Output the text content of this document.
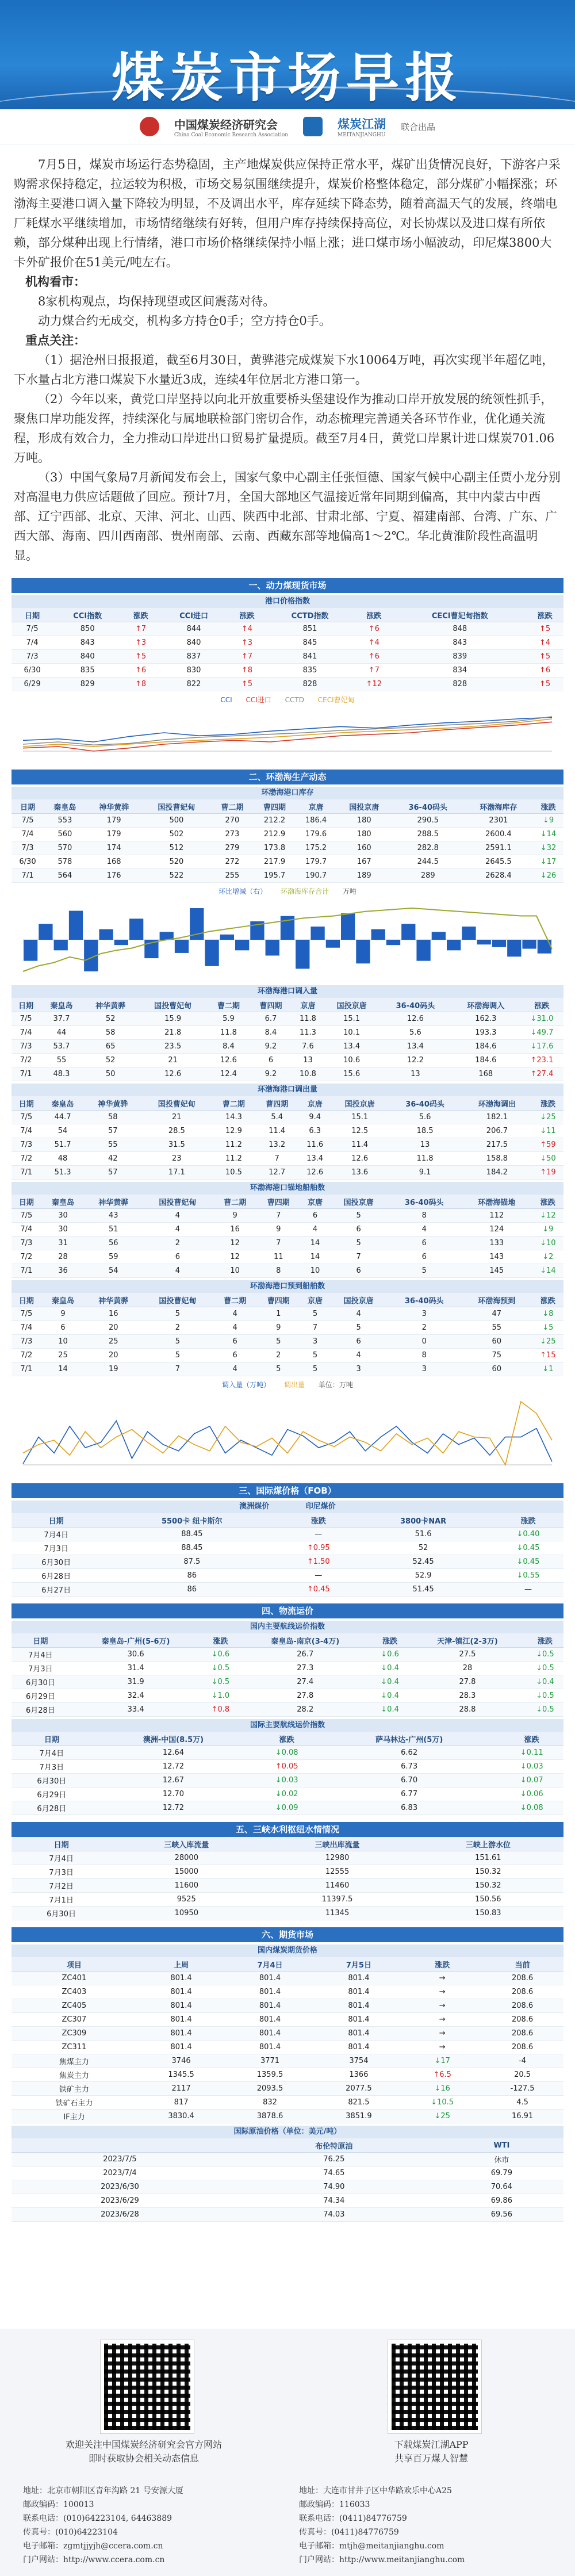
煤炭市场早报
中国煤炭经济研究会
China Coal Economic Research Association
煤炭江湖
MEITANJIANGHU
联合出品

7月5日，煤炭市场运行态势稳固，主产地煤炭供应保持正常水平，煤矿出货情况良好，下游客户采购需求保持稳定，拉运较为积极，市场交易氛围继续提升，煤炭价格整体稳定，部分煤矿小幅探涨；环渤海主要港口调入量下降较为明显，不及调出水平，库存延续下降态势，随着高温天气的发展，终端电厂耗煤水平继续增加，市场情绪继续有好转，但用户库存持续保持高位，对长协煤以及进口煤有所依赖，部分煤种出现上行情绪，港口市场价格继续保持小幅上涨；进口煤市场小幅波动，印尼煤3800大卡外矿报价在51美元/吨左右。

机构看市：

8家机构观点，均保持现望或区间震荡对待。

动力煤合约无成交，机构多方持仓0手；空方持仓0手。

重点关注：

（1）据沧州日报报道，截至6月30日，黄骅港完成煤炭下水10064万吨，再次实现半年超亿吨，下水量占北方港口煤炭下水量近3成，连续4年位居北方港口第一。

（2）今年以来，黄党口岸坚持以向北开放重要桥头堡建设作为推动口岸开放发展的统领性抓手，聚焦口岸功能发挥，持续深化与属地联检部门密切合作，动态梳理完善通关各环节作业，优化通关流程，形成有效合力，全力推动口岸进出口贸易扩量提质。截至7月4日，黄党口岸累计进口煤炭701.06万吨。

（3）中国气象局7月新闻发布会上，国家气象中心副主任张恒德、国家气候中心副主任贾小龙分别对高温电力供应话题做了回应。预计7月，全国大部地区气温接近常年同期到偏高，其中内蒙古中西部、辽宁西部、北京、天津、河北、山西、陕西中北部、甘肃北部、宁夏、福建南部、台湾、广东、广西大部、海南、四川西南部、贵州南部、云南、西藏东部等地偏高1～2℃。华北黄淮阶段性高温明显。

一、动力煤现货市场
港口价格指数
日期	CCI指数	涨跌	CCI进口	涨跌	CCTD指数	涨跌	CECI曹妃甸指数	涨跌
7/5	850	↑7	844	↑4	851	↑6	848	↑5
7/4	843	↑3	840	↑3	845	↑4	843	↑4
7/3	840	↑5	837	↑7	841	↑6	839	↑5
6/30	835	↑6	830	↑8	835	↑7	834	↑6
6/29	829	↑8	822	↑5	828	↑12	828	↑5
CCI CCI进口 CCTD CECI曹妃甸
二、环渤海生产动态
环渤海港口库存
日期	秦皇岛	神华黄骅	国投曹妃甸	曹二期	曹四期	京唐	国投京唐	36-40码头	环渤海库存	涨跌
7/5	553	179	500	270	212.2	186.4	180	290.5	2301	↓9
7/4	560	179	502	273	212.9	179.6	180	288.5	2600.4	↓14
7/3	570	174	512	279	173.8	175.2	160	282.8	2591.1	↓32
6/30	578	168	520	272	217.9	179.7	167	244.5	2645.5	↓17
7/1	564	176	522	255	195.7	190.7	189	289	2628.4	↓26
环比增减（右） 环渤海库存合计 万吨
环渤海港口调入量
日期	秦皇岛	神华黄骅	国投曹妃甸	曹二期	曹四期	京唐	国投京唐	36-40码头	环渤海调入	涨跌
7/5	37.7	52	15.9	5.9	6.7	11.8	15.1	12.6	162.3	↓31.0
7/4	44	58	21.8	11.8	8.4	11.3	10.1	5.6	193.3	↓49.7
7/3	53.7	65	23.5	8.4	9.2	7.6	13.4	13.4	184.6	↓17.6
7/2	55	52	21	12.6	6	13	10.6	12.2	184.6	↑23.1
7/1	48.3	50	12.6	12.4	9.2	10.8	15.6	13	168	↑27.4
环渤海港口调出量
日期	秦皇岛	神华黄骅	国投曹妃甸	曹二期	曹四期	京唐	国投京唐	36-40码头	环渤海调出	涨跌
7/5	44.7	58	21	14.3	5.4	9.4	15.1	5.6	182.1	↓25
7/4	54	57	28.5	12.9	11.4	6.3	12.5	18.5	206.7	↓11
7/3	51.7	55	31.5	11.2	13.2	11.6	11.4	13	217.5	↑59
7/2	48	42	23	11.2	7	13.4	12.6	11.8	158.8	↓50
7/1	51.3	57	17.1	10.5	12.7	12.6	13.6	9.1	184.2	↑19
环渤海港口锚地船舶数
日期	秦皇岛	神华黄骅	国投曹妃甸	曹二期	曹四期	京唐	国投京唐	36-40码头	环渤海锚地	涨跌
7/5	30	43	4	9	7	6	5	8	112	↓12
7/4	30	51	4	16	9	4	6	4	124	↓9
7/3	31	56	2	12	7	14	5	6	133	↓10
7/2	28	59	6	12	11	14	7	6	143	↓2
7/1	36	54	4	10	8	10	6	5	145	↓14
环渤海港口预到船舶数
日期	秦皇岛	神华黄骅	国投曹妃甸	曹二期	曹四期	京唐	国投京唐	36-40码头	环渤海预到	涨跌
7/5	9	16	5	4	1	5	4	3	47	↓8
7/4	6	20	2	4	9	7	5	2	55	↓5
7/3	10	25	5	6	5	3	6	0	60	↓25
7/2	25	20	5	6	2	5	4	8	75	↑15
7/1	14	19	7	4	5	5	3	3	60	↓1
调入量（万吨） 调出量 单位：万吨
三、国际煤价格（FOB）
澳洲煤价	印尼煤价
日期	5500卡 纽卡斯尔	涨跌	3800卡NAR	涨跌
7月4日	88.45	—	51.6	↓0.40
7月3日	88.45	↑0.95	52	↓0.45
6月30日	87.5	↑1.50	52.45	↓0.45
6月28日	86	—	52.9	↓0.55
6月27日	86	↑0.45	51.45	—
四、物流运价
国内主要航线运价指数
日期	秦皇岛-广州(5-6万)	涨跌	秦皇岛-南京(3-4万)	涨跌	天津-镇江(2-3万)	涨跌
7月4日	30.6	↓0.6	26.7	↓0.6	27.5	↓0.5
7月3日	31.4	↓0.5	27.3	↓0.4	28	↓0.5
6月30日	31.9	↓0.5	27.4	↓0.4	27.8	↓0.4
6月29日	32.4	↓1.0	27.8	↓0.4	28.3	↓0.5
6月28日	33.4	↑0.8	28.2	↓0.4	28.8	↓0.5
国际主要航线运价指数
日期	澳洲-中国(8.5万)	涨跌	萨马林达-广州(5万)	涨跌
7月4日	12.64	↓0.08	6.62	↓0.11
7月3日	12.72	↑0.05	6.73	↓0.03
6月30日	12.67	↓0.03	6.70	↓0.07
6月29日	12.70	↓0.02	6.77	↓0.06
6月28日	12.72	↓0.09	6.83	↓0.08
五、三峡水利枢纽水情情况
日期	三峡入库流量	三峡出库流量	三峡上游水位
7月4日	28000	12980	151.61
7月3日	15000	12555	150.32
7月2日	11600	11460	150.32
7月1日	9525	11397.5	150.56
6月30日	10950	11345	150.83
六、期货市场
国内煤炭期货价格
项目	上周	7月4日	7月5日	涨跌	当前
ZC401	801.4	801.4	801.4	→	208.6
ZC403	801.4	801.4	801.4	→	208.6
ZC405	801.4	801.4	801.4	→	208.6
ZC307	801.4	801.4	801.4	→	208.6
ZC309	801.4	801.4	801.4	→	208.6
ZC311	801.4	801.4	801.4	→	208.6
焦煤主力	3746	3771	3754	↓17	-4
焦炭主力	1345.5	1359.5	1366	↑6.5	20.5
铁矿主力	2117	2093.5	2077.5	↓16	-127.5
铁矿石主力	817	832	821.5	↓10.5	4.5
IF主力	3830.4	3878.6	3851.9	↓25	16.91
国际原油价格（单位：美元/吨）
	布伦特原油	WTI
2023/7/5	76.25	休市
2023/7/4	74.65	69.79
2023/6/30	74.90	70.64
2023/6/29	74.34	69.86
2023/6/28	74.03	69.56
欢迎关注中国煤炭经济研究会官方网站
即时获取协会相关动态信息
下载煤炭江湖APP
共享百万煤人智慧
地址：北京市朝阳区青年沟路 21 号安源大厦
邮政编码：100013
联系电话：(010)64223104, 64463889
传真号：(010)64223104
电子邮箱：zgmtjjyjh@ccera.com.cn
门户网站：http://www.ccera.com.cn
地址：大连市甘井子区中华路欢乐中心A25
邮政编码：116033
联系电话：(0411)84776759
传真号：(0411)84776759
电子邮箱：mtjh@meitanjianghu.com
门户网站：http://www.meitanjianghu.com
